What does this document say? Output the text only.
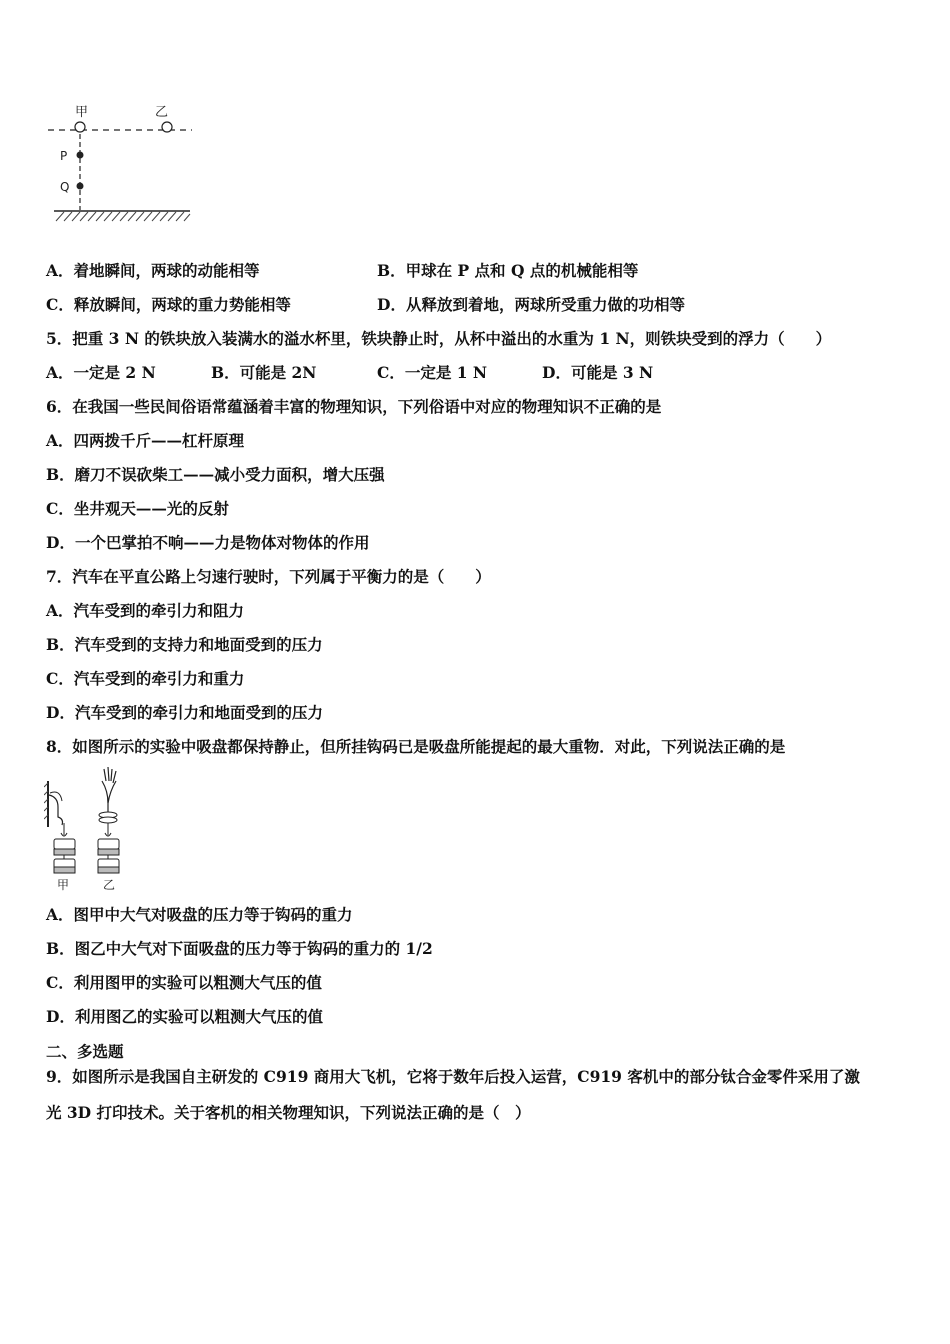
甲	乙
P
Q
A．着地瞬间，两球的动能相等	B．甲球在 P 点和 Q 点的机械能相等
C．释放瞬间，两球的重力势能相等	D．从释放到着地，两球所受重力做的功相等
5．把重 3 N 的铁块放入装满水的溢水杯里，铁块静止时，从杯中溢出的水重为 1 N，则铁块受到的浮力（　　）
A．一定是 2 N	B．可能是 2N	C．一定是 1 N	D．可能是 3 N
6．在我国一些民间俗语常蕴涵着丰富的物理知识，下列俗语中对应的物理知识不正确的是
A．四两拨千斤——杠杆原理
B．磨刀不误砍柴工——减小受力面积，增大压强
C．坐井观天——光的反射
D．一个巴掌拍不响——力是物体对物体的作用
7．汽车在平直公路上匀速行驶时，下列属于平衡力的是（　　）
A．汽车受到的牵引力和阻力
B．汽车受到的支持力和地面受到的压力
C．汽车受到的牵引力和重力
D．汽车受到的牵引力和地面受到的压力
8．如图所示的实验中吸盘都保持静止，但所挂钩码已是吸盘所能提起的最大重物．对此，下列说法正确的是
甲	乙
A．图甲中大气对吸盘的压力等于钩码的重力
B．图乙中大气对下面吸盘的压力等于钩码的重力的 1/2
C．利用图甲的实验可以粗测大气压的值
D．利用图乙的实验可以粗测大气压的值
二、多选题
9．如图所示是我国自主研发的 C919 商用大飞机，它将于数年后投入运营，C919 客机中的部分钛合金零件采用了激
光 3D 打印技术。关于客机的相关物理知识，下列说法正确的是（　）
